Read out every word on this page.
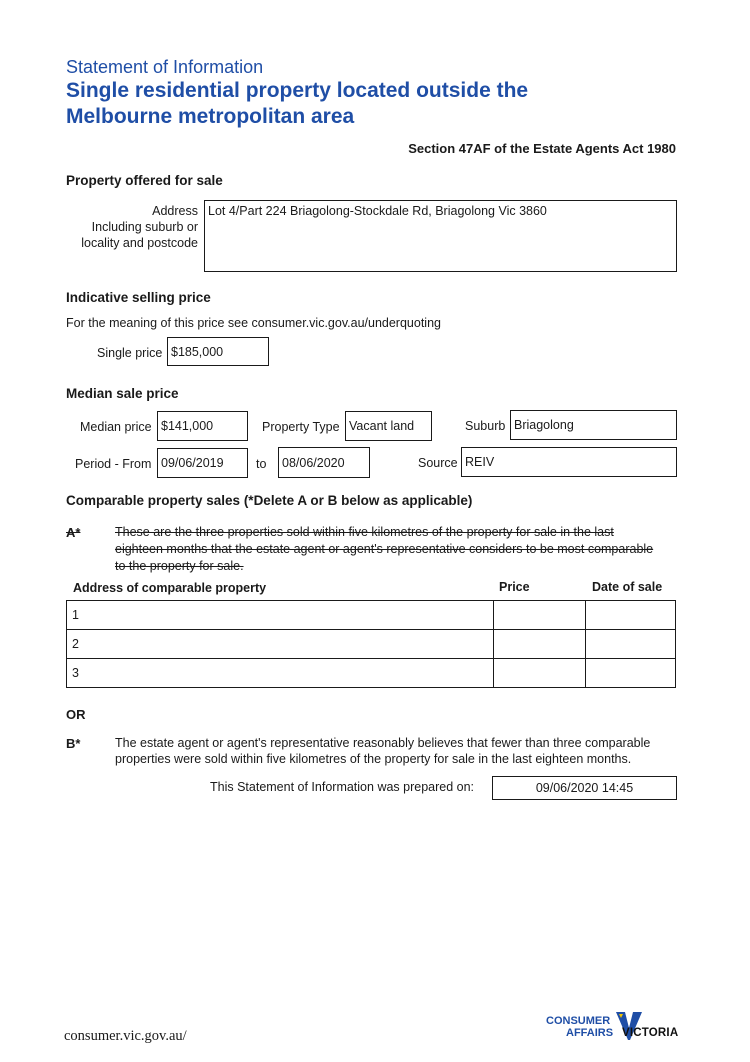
Statement of Information
Single residential property located outside the
Melbourne metropolitan area
Section 47AF of the Estate Agents Act 1980
Property offered for sale
Address
Including suburb or
locality and postcode
Lot 4/Part 224 Briagolong-Stockdale Rd, Briagolong Vic 3860
Indicative selling price
For the meaning of this price see consumer.vic.gov.au/underquoting
Single price $185,000
Median sale price
Median price $141,000	Property Type Vacant land	Suburb Briagolong
Period - From 09/06/2019	to	08/06/2020	Source REIV
Comparable property sales (*Delete A or B below as applicable)
A*	These are the three properties sold within five kilometres of the property for sale in the last
eighteen months that the estate agent or agent's representative considers to be most comparable
to the property for sale.
Address of comparable property	Price	Date of sale
1		
2		
3		
OR
B*	The estate agent or agent's representative reasonably believes that fewer than three comparable
properties were sold within five kilometres of the property for sale in the last eighteen months.
This Statement of Information was prepared on:	09/06/2020 14:45
consumer.vic.gov.au/
CONSUMER
AFFAIRS VICTORIA
